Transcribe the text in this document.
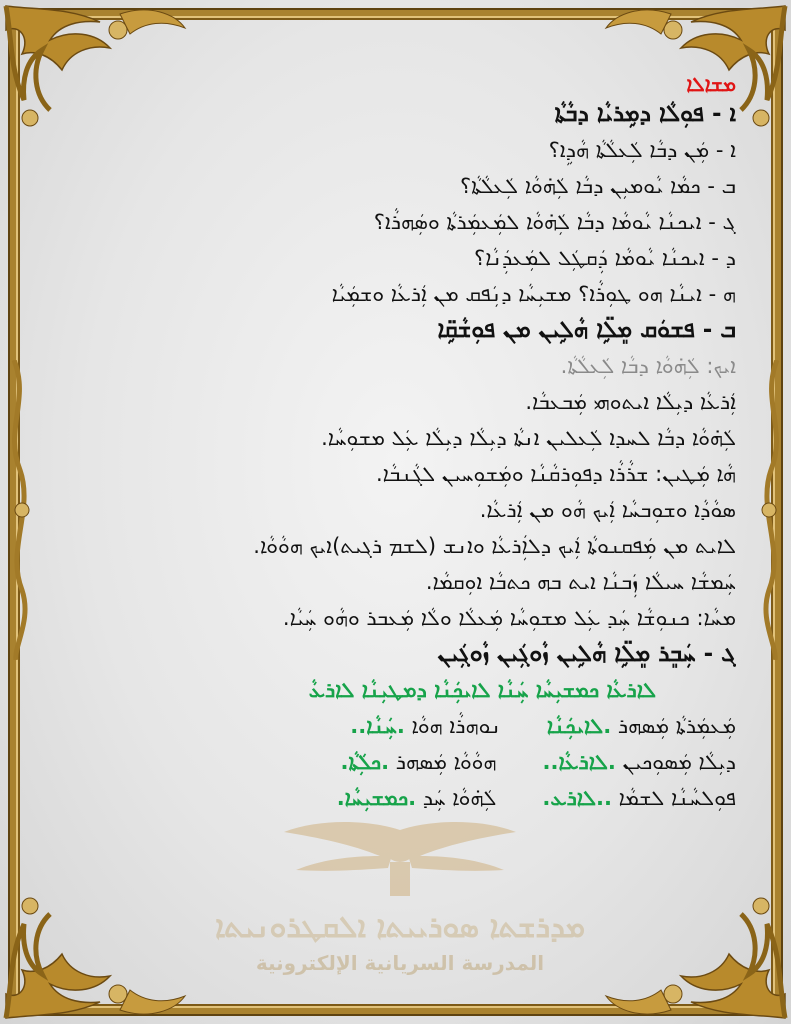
ܡܕܪܫܬܐ ܣܘܪܝܝܬܐ ܐܠܩܛܪܘܢܝܬܐ
المدرسة السريانية الإلكترونية
ܡܫܐܠܐ
ܐ - ܦܘܼܠܵܐ ܕܡܹܪܝܵܐ ܕܒܵܬܵܐ
ܐ - ܡܲܢ ܕܒܵܐ ܠܲܥܠܵܬܵܐ ܗܵܕܹܐ؟
ܒ - ܟܡܵܐ ܝܵܘܡܝܼܢ ܕܒܵܐ ܠܲܗ̇ܘܵܐ ܠܲܥܠܵܬܵܐ؟
ܓ - ܐܝܟܢܵܐ ܝܵܘܡܵܐ ܕܒܵܐ ܠܲܗ̇ܘܵܐ ܠܡܲܥܡܲܪܬܵܐ ܘܣܲܗܪܵܐ؟
ܕ - ܐܝܟܢܵܐ ܝܵܘܡܵܐ ܕܲܩܛܲܠ ܠܡܲܥܕܲܢܵܐ؟
ܗ - ܐܝܢܵܐ ܗܘ ܛܘܼܪܵܐ؟ ܡܫܝܼܚܵܐ ܕܢܲܦܩ ܡܢ ܐܲܪܥܵܐ ܘܫܡܲܝܵܐ
ܒ - ܦܫܘܿܩ ܡܸܠܹ̈ܐ ܗܵܠܹܝܢ ܡܢ ܦܘܼܫܵܩܹ̈ܐ
ܐܝܟ: ܠܲܗ̇ܘܵܐ ܕܒܵܐ ܠܲܥܠܵܬܵܐ.
ܐܲܪܥܵܐ ܕܝܼܠܵܐ ܐܝܬܘܗܝ ܡܲܒܥܒܵܐ.
ܠܲܗ̇ܘܵܐ ܕܒܵܐ ܠܚܕܐ ܠܲܥܠܝܢ ܐܢܬܵܐ ܕܝܼܠܵܐ ܕܝܼܠܵܐ ܥܲܠ ܡܫܘܼܚܵܐ.
ܗܵܐ ܡܲܛܝܢ: ܫܪܵܪܵܐ ܕܦܘܼܪܩܵܢܵܐ ܘܡܲܫܘܼܚܝܢ ܠܓܵܢܒܵܐ.
ܣܘܵܕܵܐ ܘܫܘܼܒܚܵܐ ܐܲܝܟ ܗܵܘ ܡܢ ܐܲܪܥܵܐ.
ܠܐܝܬ ܡܢ ܡܲܦܩܢܘܬܵܐ ܐܲܝܟ ܕܠܐܲܪܥܵܐ ܘܐܢܫ (ܠܫܡ ܪܓܝܬ)ܐܝܟ ܗܘܵܘܵܐ.
ܚܲܡܫܵܐ ܚܝܠܵܐ ܙܲܒܢܵܐ ܐܝܬ ܒܗ ܟܬܒܵܐ ܐܘܼܩܡܵܐ.
ܡܚܵܐ: ܟܢܘܼܫܵܐ ܚܲܕ ܥܲܠ ܡܫܘܼܚܵܐ ܡܲܥܠܵܐ ܘܠܵܐ ܡܲܥܒܪ ܘܗܵܘ ܚܲܝܵܐ.
ܓ - ܚܲܒܸܪ ܡܸܠܹ̈ܐ ܗܵܠܹܝܢ ܙܵܘܓܲܝܢ ܙܵܘܓܲܝܢ
ܠܐܪܥܵܐ ܟܡܫܝܼܚܵܐ ܚܲܢܵܐ ܠܐܝܟܲܢܵܐ ܕܡܛܝܼܢܵܐ ܠܐܪܥܵ
ܡܲܥܡܲܪܬܵܐ ܡܲܣܗܪ .ܠܐܝܟܲܢܵܐ
ܢܘܗܪܵܐ ܗܘܵܐ .ܚܲܢܵܐ..
ܕܝܼܠܵܐ ܡܲܣܘܼܟܝܢ .ܠܐܪܥܵܐ..
ܗܘܵܘܵܐ ܡܲܣܗܪ .ܟܠܲܬܵܐ.
ܦܘܼܠܚܵܢܵܐ ܠܫܡܵܐ ..ܠܐܪܥ.
ܠܲܗ̇ܘܵܐ ܚܲܕ .ܟܡܫܝܼܚܵܐ.
